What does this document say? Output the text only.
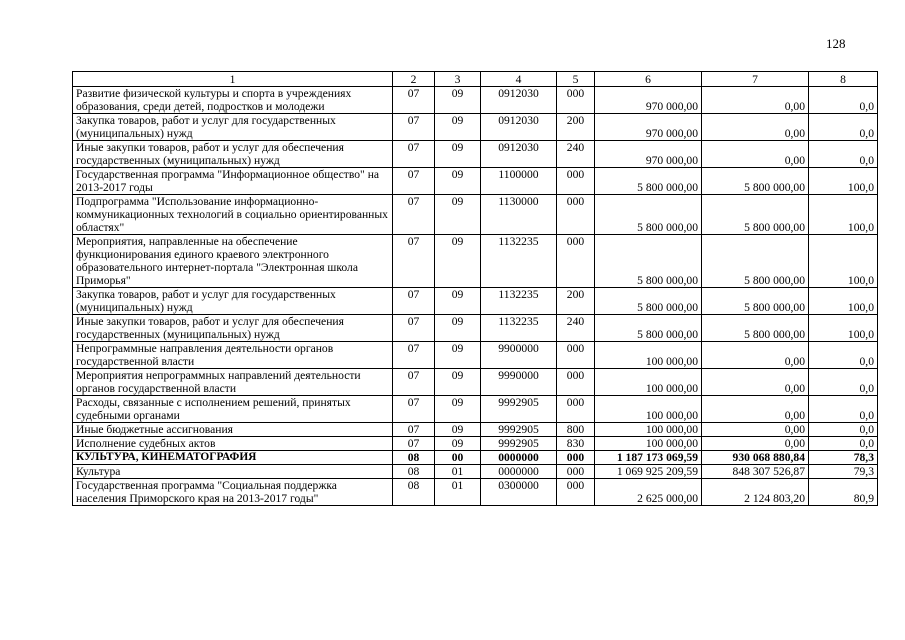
128
1	2	3	4	5	6	7	8
Развитие физической культуры и спорта в учреждениях образования, среди детей, подростков и молодежи	07	09	0912030	000	970 000,00	0,00	0,0
Закупка товаров, работ и услуг для государственных (муниципальных) нужд	07	09	0912030	200	970 000,00	0,00	0,0
Иные закупки товаров, работ и услуг для обеспечения государственных (муниципальных) нужд	07	09	0912030	240	970 000,00	0,00	0,0
Государственная программа "Информационное общество" на 2013-2017 годы	07	09	1100000	000	5 800 000,00	5 800 000,00	100,0
Подпрограмма "Использование информационно-коммуникационных технологий в социально ориентированных областях"	07	09	1130000	000	5 800 000,00	5 800 000,00	100,0
Мероприятия, направленные на обеспечение функционирования единого краевого электронного образовательного интернет-портала "Электронная школа Приморья"	07	09	1132235	000	5 800 000,00	5 800 000,00	100,0
Закупка товаров, работ и услуг для государственных (муниципальных) нужд	07	09	1132235	200	5 800 000,00	5 800 000,00	100,0
Иные закупки товаров, работ и услуг для обеспечения государственных (муниципальных) нужд	07	09	1132235	240	5 800 000,00	5 800 000,00	100,0
Непрограммные направления деятельности органов государственной власти	07	09	9900000	000	100 000,00	0,00	0,0
Мероприятия непрограммных направлений деятельности органов государственной власти	07	09	9990000	000	100 000,00	0,00	0,0
Расходы, связанные с исполнением решений, принятых судебными органами	07	09	9992905	000	100 000,00	0,00	0,0
Иные бюджетные ассигнования	07	09	9992905	800	100 000,00	0,00	0,0
Исполнение судебных актов	07	09	9992905	830	100 000,00	0,00	0,0
КУЛЬТУРА, КИНЕМАТОГРАФИЯ	08	00	0000000	000	1 187 173 069,59	930 068 880,84	78,3
Культура	08	01	0000000	000	1 069 925 209,59	848 307 526,87	79,3
Государственная программа "Социальная поддержка населения Приморского края на 2013-2017 годы"	08	01	0300000	000	2 625 000,00	2 124 803,20	80,9
